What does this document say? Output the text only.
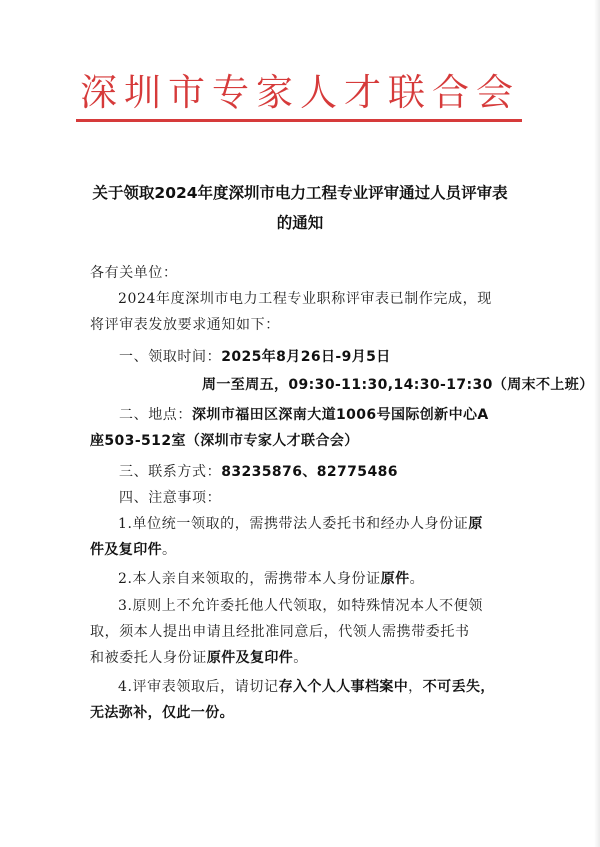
深圳市专家人才联合会
关于领取2024年度深圳市电力工程专业评审通过人员评审表
的通知
各有关单位：
2024年度深圳市电力工程专业职称评审表已制作完成，现
将评审表发放要求通知如下：
一、领取时间：2025年8月26日-9月5日
周一至周五，09:30-11:30,14:30-17:30（周末不上班）
二、地点：深圳市福田区深南大道1006号国际创新中心A
座503-512室（深圳市专家人才联合会）
三、联系方式：83235876、82775486
四、注意事项：
1.单位统一领取的，需携带法人委托书和经办人身份证原
件及复印件。
2.本人亲自来领取的，需携带本人身份证原件。
3.原则上不允许委托他人代领取，如特殊情况本人不便领
取，须本人提出申请且经批准同意后，代领人需携带委托书
和被委托人身份证原件及复印件。
4.评审表领取后，请切记存入个人人事档案中，不可丢失，
无法弥补，仅此一份。
